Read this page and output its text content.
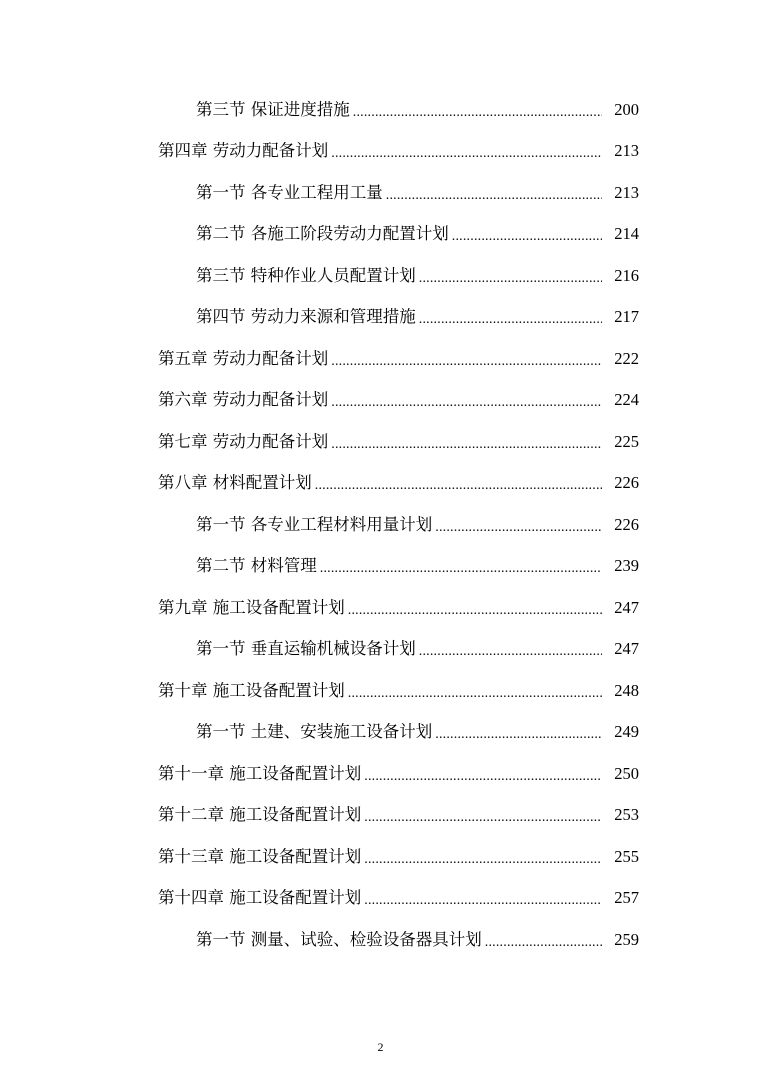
第三节 保证进度措施 .....	200
第四章 劳动力配备计划 .....	213
第一节 各专业工程用工量 .....	213
第二节 各施工阶段劳动力配置计划 .....	214
第三节 特种作业人员配置计划 .....	216
第四节 劳动力来源和管理措施 .....	217
第五章 劳动力配备计划 .....	222
第六章 劳动力配备计划 .....	224
第七章 劳动力配备计划 .....	225
第八章 材料配置计划 .....	226
第一节 各专业工程材料用量计划 .....	226
第二节 材料管理 .....	239
第九章 施工设备配置计划 .....	247
第一节 垂直运输机械设备计划 .....	247
第十章 施工设备配置计划 .....	248
第一节 土建、安装施工设备计划 .....	249
第十一章 施工设备配置计划 .....	250
第十二章 施工设备配置计划 .....	253
第十三章 施工设备配置计划 .....	255
第十四章 施工设备配置计划 .....	257
第一节 测量、试验、检验设备器具计划 .....	259
2
